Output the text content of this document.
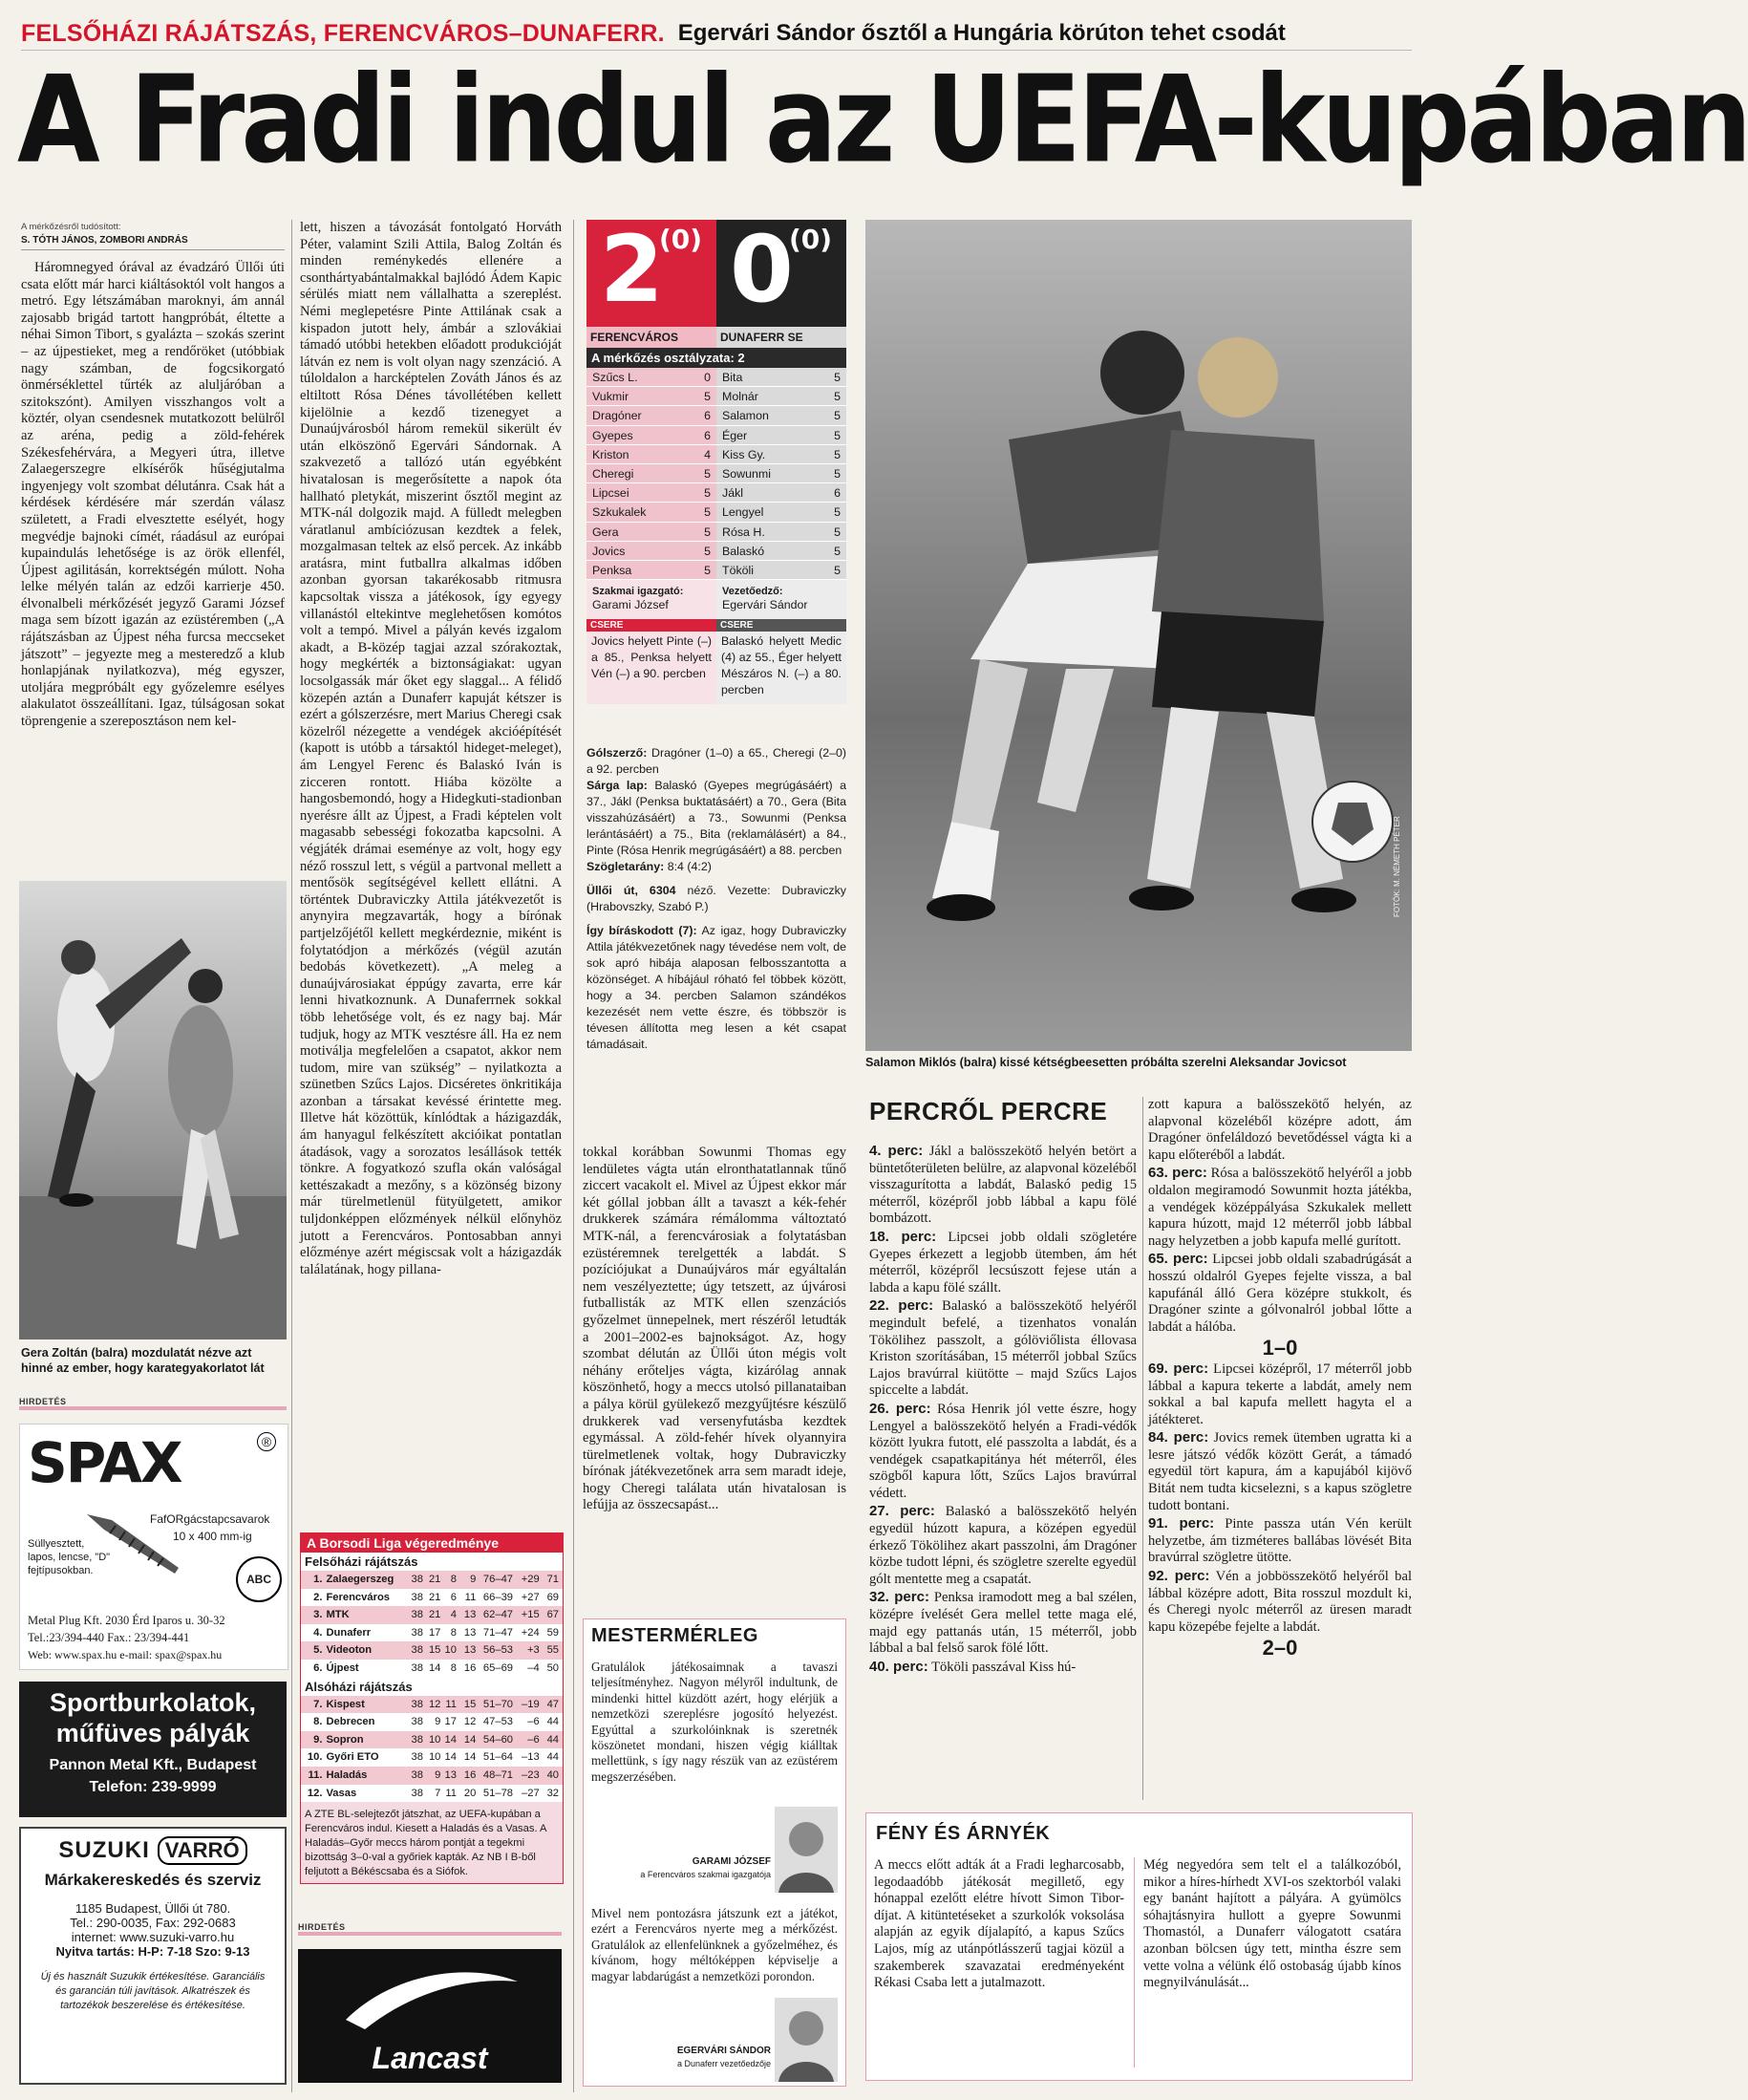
FELSŐHÁZI RÁJÁTSZÁS, FERENCVÁROS–DUNAFERR. Egervári Sándor ősztől a Hungária körúton tehet csodát
A Fradi indul az UEFA-kupában
A mérkőzésről tudósított:
S. TÓTH JÁNOS, ZOMBORI ANDRÁS
Háromnegyed órával az évadzáró Üllői úti csata előtt már harci kiáltásoktól volt hangos a metró. Egy létszámában maroknyi, ám annál zajosabb brigád tartott hangpróbát, éltette a néhai Simon Tibort, s gyalázta – szokás szerint – az újpestieket, meg a rendőröket (utóbbiak nagy számban, de fogcsikorgató önmérséklettel tűrték az aluljáróban a szitokszónt). Amilyen visszhangos volt a köztér, olyan csendesnek mutatkozott belülről az aréna, pedig a zöld-fehérek Székesfehérvára, a Megyeri útra, illetve Zalaegerszegre elkísérők hűségjutalma ingyenjegy volt szombat délutánra. Csak hát a kérdések kérdésére már szerdán válasz született, a Fradi elvesztette esélyét, hogy megvédje bajnoki címét, ráadásul az európai kupaindulás lehetősége is az örök ellenfél, Újpest agilitásán, korrektségén múlott. Noha lelke mélyén talán az edzői karrierje 450. élvonalbeli mérkőzését jegyző Garami József maga sem bízott igazán az ezüstéremben („A rájátszásban az Újpest néha furcsa meccseket játszott” – jegyezte meg a mesteredző a klub honlapjának nyilatkozva), még egyszer, utoljára megpróbált egy győzelemre esélyes alakulatot összeállítani. Igaz, túlságosan sokat töprengenie a szereposztáson nem kel-
Gera Zoltán (balra) mozdulatát nézve azt hinné az ember, hogy karategyakorlatot lát
HIRDETÉS
SPAX	®
FafORgácstapcsavarok
10 x 400 mm-ig
Süllyesztett, lapos, lencse, "D" fejtípusokban.
ABC
Metal Plug Kft. 2030 Érd Iparos u. 30-32
Tel.:23/394-440 Fax.: 23/394-441
Web: www.spax.hu e-mail: spax@spax.hu
Sportburkolatok,
műfüves pályák
Pannon Metal Kft., Budapest
Telefon: 239-9999
SUZUKI VARRÓ
Márkakereskedés és szerviz
1185 Budapest, Üllői út 780.
Tel.: 290-0035, Fax: 292-0683
internet: www.suzuki-varro.hu
Nyitva tartás: H-P: 7-18 Szo: 9-13
Új és használt Suzukik értékesítése. Garanciális és garancián túli javítások. Alkatrészek és tartozékok beszerelése és értékesítése.
lett, hiszen a távozását fontolgató Horváth Péter, valamint Szili Attila, Balog Zoltán és minden reménykedés ellenére a csonthártyabántalmakkal bajlódó Ádem Kapic sérülés miatt nem vállalhatta a szereplést. Némi meglepetésre Pinte Attilának csak a kispadon jutott hely, ámbár a szlovákiai támadó utóbbi hetekben előadott produkcióját látván ez nem is volt olyan nagy szenzáció. A túloldalon a harcképtelen Zováth János és az eltiltott Rósa Dénes távollétében kellett kijelölnie a kezdő tizenegyet a Dunaújvárosból három remekül sikerült év után elköszönő Egervári Sándornak. A szakvezető a tallózó után egyébként hivatalosan is megerősítette a napok óta hallható pletykát, miszerint ősztől megint az MTK-nál dolgozik majd. A fülledt melegben váratlanul ambíciózusan kezdtek a felek, mozgalmasan teltek az első percek. Az inkább aratásra, mint futballra alkalmas időben azonban gyorsan takarékosabb ritmusra kapcsoltak vissza a játékosok, így egyegy villanástól eltekintve meglehetősen komótos volt a tempó. Mivel a pályán kevés izgalom akadt, a B-közép tagjai azzal szórakoztak, hogy megkérték a biztonságiakat: ugyan locsolgassák már őket egy slaggal... A félidő közepén aztán a Dunaferr kapuját kétszer is ezért a gólszerzésre, mert Marius Cheregi csak közelről nézegette a vendégek akcióépítését (kapott is utóbb a társaktól hideget-meleget), ám Lengyel Ferenc és Balaskó Iván is zicceren rontott. Hiába közölte a hangosbemondó, hogy a Hidegkuti-stadionban nyerésre állt az Újpest, a Fradi képtelen volt magasabb sebességi fokozatba kapcsolni. A végjáték drámai eseménye az volt, hogy egy néző rosszul lett, s végül a partvonal mellett a mentősök segítségével kellett ellátni. A történtek Dubraviczky Attila játékvezetőt is anynyira megzavarták, hogy a bírónak partjelzőjétől kellett megkérdeznie, miként is folytatódjon a mérkőzés (végül azután bedobás következett). „A meleg a dunaújvárosiakat éppúgy zavarta, erre kár lenni hivatkoznunk. A Dunaferrnek sokkal több lehetősége volt, és ez nagy baj. Már tudjuk, hogy az MTK vesztésre áll. Ha ez nem motiválja megfelelően a csapatot, akkor nem tudom, mire van szükség” – nyilatkozta a szünetben Szűcs Lajos. Dicséretes önkritikája azonban a társakat kevéssé érintette meg. Illetve hát közöttük, kínlódtak a házigazdák, ám hanyagul felkészített akcióikat pontatlan átadások, vagy a sorozatos lesállások tették tönkre. A fogyatkozó szufla okán valóságal kettészakadt a mezőny, s a közönség bizony már türelmetlenül fütyülgetett, amikor tuljdonképpen előzmények nélkül előnyhöz jutott a Ferencváros. Pontosabban annyi előzménye azért mégiscsak volt a házigazdák találatának, hogy pillana-
A Borsodi Liga végeredménye
Felsőházi rájátszás
1. Zalaegerszeg	38 21 8	9 76–47 +29 71
2. Ferencváros	38 21 6 11 66–39 +27 69
3. MTK	38 21 4 13 62–47 +15 67
4. Dunaferr	38 17 8 13 71–47 +24 59
5. Videoton	38 15 10 13 56–53	+3 55
6. Újpest	38 14 8 16 65–69	–4 50
Alsóházi rájátszás
7. Kispest	38 12 11 15 51–70 –19 47
8. Debrecen	38	9 17 12 47–53	–6 44
9. Sopron	38 10 14 14 54–60	–6 44
10. Győri ETO	38 10 14 14 51–64 –13 44
11. Haladás	38	9 13 16 48–71 –23 40
12. Vasas	38	7 11 20 51–78 –27 32
A ZTE BL-selejtezőt játszhat, az UEFA-kupában a Ferencváros indul. Kiesett a Haladás és a Vasas. A Haladás–Győr meccs három pontját a tegekmi bizottság 3–0-val a győriek kapták. Az NB I B-ből feljutott a Békéscsaba és a Siófok.
HIRDETÉS
Lancast
2
(0) 0
(0)
FERENCVÁROS	DUNAFERR SE
A mérkőzés osztályzata: 2
Szűcs L.	0 Bita	5
Vukmir	5 Molnár	5
Dragóner	6 Salamon	5
Gyepes	6 Éger	5
Kriston	4 Kiss Gy.	5
Cheregi	5 Sowunmi	5
Lipcsei	5 Jákl	6
Szkukalek	5 Lengyel	5
Gera	5 Rósa H.	5
Jovics	5 Balaskó	5
Penksa	5 Tököli	5
Szakmai igazgató:
Garami József
Vezetőedző:
Egervári Sándor
CSERE
Jovics helyett Pinte (–) a 85., Penksa helyett Vén (–) a 90. percben
CSERE
Balaskó helyett Medic (4) az 55., Éger helyett Mészáros N. (–) a 80. percben
Gólszerző: Dragóner (1–0) a 65., Cheregi (2–0) a 92. percben
Sárga lap: Balaskó (Gyepes megrúgásáért) a 37., Jákl (Penksa buktatásáért) a 70., Gera (Bita visszahúzásáért) a 73., Sowunmi (Penksa lerántásáért) a 75., Bita (reklamálásért) a 84., Pinte (Rósa Henrik megrúgásáért) a 88. percben
Szögletarány: 8:4 (4:2)
Üllői út, 6304 néző. Vezette: Dubraviczky (Hrabovszky, Szabó P.)
Így bíráskodott (7): Az igaz, hogy Dubraviczky Attila játékvezetőnek nagy tévedése nem volt, de sok apró hibája alaposan felbosszantotta a közönséget. A híbájául róható fel többek között, hogy a 34. percben Salamon szándékos kezezését nem vette észre, és többször is tévesen állította meg lesen a két csapat támadásait.
tokkal korábban Sowunmi Thomas egy lendületes vágta után elronthatatlannak tűnő ziccert vacakolt el. Mivel az Újpest ekkor már két góllal jobban állt a tavaszt a kék-fehér drukkerek számára rémálomma változtató MTK-nál, a ferencvárosiak a folytatásban ezüstéremnek terelgették a labdát. S pozíciójukat a Dunaújváros már egyáltalán nem veszélyeztette; úgy tetszett, az újvárosi futballisták az MTK ellen szenzációs győzelmet ünnepelnek, mert részéről letudták a 2001–2002-es bajnokságot. Az, hogy szombat délután az Üllői úton mégis volt néhány erőteljes vágta, kizárólag annak köszönhető, hogy a meccs utolsó pillanataiban a pálya körül gyülekező mezgyűjtésre készülő drukkerek vad versenyfutásba kezdtek egymással. A zöld-fehér hívek olyannyira türelmetlenek voltak, hogy Dubraviczky bírónak játékvezetőnek arra sem maradt ideje, hogy Cheregi találata után hivatalosan is lefújja az összecsapást...
MESTERMÉRLEG
Gratulálok játékosaimnak a tavaszi teljesítményhez. Nagyon mélyről indultunk, de mindenki hittel küzdött azért, hogy elérjük a nemzetközi szereplésre jogosító helyezést. Egyúttal a szurkolóinknak is szeretnék köszönetet mondani, hiszen végig kiálltak mellettünk, s így nagy részük van az ezüstérem megszerzésében.
GARAMI JÓZSEF
a Ferencváros szakmai igazgatója
Mivel nem pontozásra játszunk ezt a játékot, ezért a Ferencváros nyerte meg a mérkőzést. Gratulálok az ellenfelünknek a győzelméhez, és kívánom, hogy méltóképpen képviselje a magyar labdarúgást a nemzetközi porondon.
EGERVÁRI SÁNDOR
a Dunaferr vezetőedzője
FOTÓK: M. NÉMETH PÉTER
Salamon Miklós (balra) kissé kétségbeesetten próbálta szerelni Aleksandar Jovicsot
PERCRŐL PERCRE

4. perc: Jákl a balösszekötő helyén betört a büntetőterületen belülre, az alapvonal közeléből visszagurította a labdát, Balaskó pedig 15 méterről, középről jobb lábbal a kapu fölé bombázott.

18. perc: Lipcsei jobb oldali szögletére Gyepes érkezett a legjobb ütemben, ám hét méterről, középről lecsúszott fejese után a labda a kapu fölé szállt.

22. perc: Balaskó a balösszekötő helyéről megindult befelé, a tizenhatos vonalán Tökölihez passzolt, a gólöviőlista éllovasa Kriston szorításában, 15 méterről jobbal Szűcs Lajos bravúrral kiütötte – majd Szűcs Lajos spiccelte a labdát.

26. perc: Rósa Henrik jól vette észre, hogy Lengyel a balösszekötő helyén a Fradi-védők között lyukra futott, elé passzolta a labdát, és a vendégek csapatkapitánya hét méterről, éles szögből kapura lőtt, Szűcs Lajos bravúrral védett.

27. perc: Balaskó a balösszekötő helyén egyedül húzott kapura, a középen egyedül érkező Tökölihez akart passzolni, ám Dragóner közbe tudott lépni, és szögletre szerelte egyedül gólt mentette meg a csapatát.

32. perc: Penksa iramodott meg a bal szélen, középre ívelését Gera mellel tette maga elé, majd egy pattanás után, 15 méterről, jobb lábbal a bal felső sarok fölé lőtt.

40. perc: Tököli passzával Kiss hú-

zott kapura a balösszekötő helyén, az alapvonal közeléből középre adott, ám Dragóner önfeláldozó bevetődéssel vágta ki a kapu előteréből a labdát.

63. perc: Rósa a balösszekötő helyéről a jobb oldalon megiramodó Sowunmit hozta játékba, a vendégek középpályása Szkukalek mellett kapura húzott, majd 12 méterről jobb lábbal nagy helyzetben a jobb kapufa mellé gurított.

65. perc: Lipcsei jobb oldali szabadrúgását a hosszú oldalról Gyepes fejelte vissza, a bal kapufánál álló Gera középre stukkolt, és Dragóner szinte a gólvonalról jobbal lőtte a labdát a hálóba.

1–0

69. perc: Lipcsei középről, 17 méterről jobb lábbal a kapura tekerte a labdát, amely nem sokkal a bal kapufa mellett hagyta el a játékteret.

84. perc: Jovics remek ütemben ugratta ki a lesre játszó védők között Gerát, a támadó egyedül tört kapura, ám a kapujából kijövő Bitát nem tudta kicselezni, s a kapus szögletre tudott bontani.

91. perc: Pinte passza után Vén került helyzetbe, ám tizméteres ballábas lövését Bita bravúrral szögletre ütötte.

92. perc: Vén a jobbösszekötő helyéről bal lábbal középre adott, Bita rosszul mozdult ki, és Cheregi nyolc méterről az üresen maradt kapu közepébe fejelte a labdát.

2–0
FÉNY ÉS ÁRNYÉK
A meccs előtt adták át a Fradi legharcosabb, legodaadóbb játékosát megillető, egy hónappal ezelőtt elétre hívott Simon Tibor-díjat. A kitüntetéseket a szurkolók voksolása alapján az egyik díjalapító, a kapus Szűcs Lajos, míg az utánpótlásszerű tagjai közül a szakemberek szavazatai eredményeként Rékasi Csaba lett a jutalmazott.
Még negyedóra sem telt el a találkozóból, mikor a híres-hírhedt XVI-os szektorból valaki egy banánt hajított a pályára. A gyümölcs sóhajtásnyira hullott a gyepre Sowunmi Thomastól, a Dunaferr válogatott csatára azonban bölcsen úgy tett, mintha észre sem vette volna a vélünk élő ostobaság újabb kínos megnyilvánulását...
